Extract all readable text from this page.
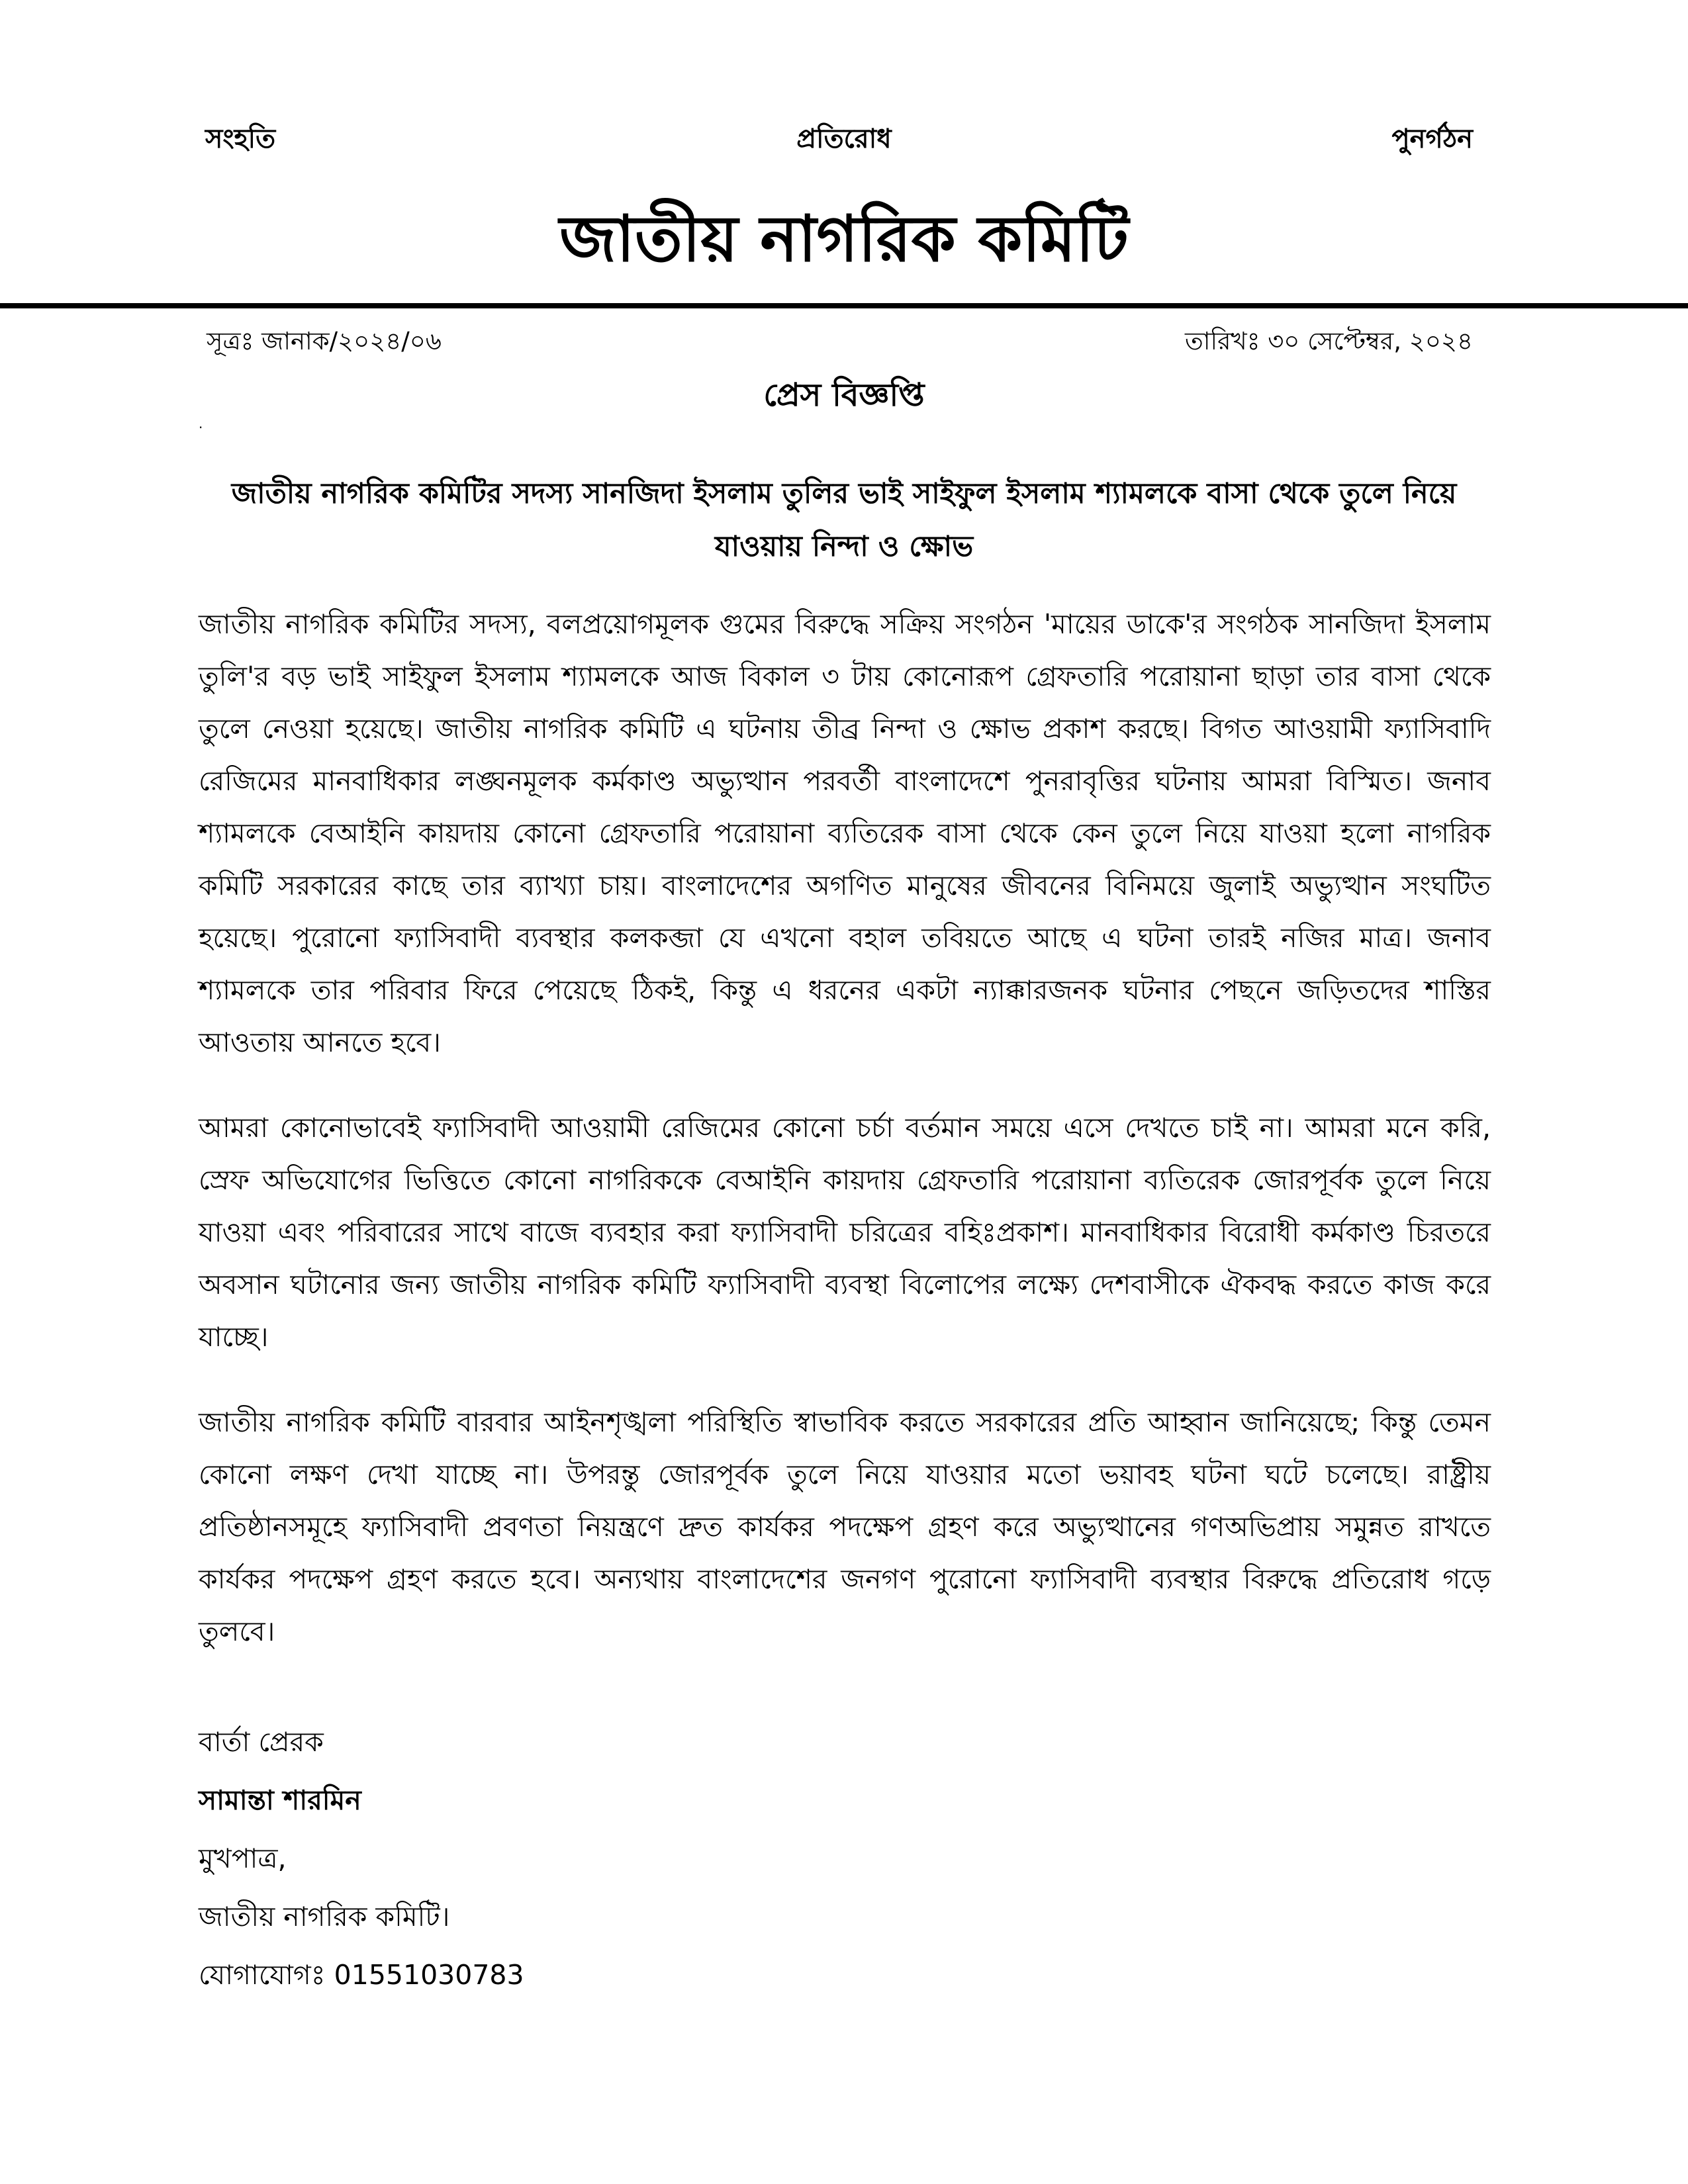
সংহতি	প্রতিরোধ	পুনর্গঠন
জাতীয় নাগরিক কমিটি
সূত্রঃ জানাক/২০২৪/০৬	তারিখঃ ৩০ সেপ্টেম্বর, ২০২৪
প্রেস বিজ্ঞপ্তি
.
জাতীয় নাগরিক কমিটির সদস্য সানজিদা ইসলাম তুলির ভাই সাইফুল ইসলাম শ্যামলকে বাসা থেকে তুলে নিয়ে যাওয়ায় নিন্দা ও ক্ষোভ

জাতীয় নাগরিক কমিটির সদস্য, বলপ্রয়োগমূলক গুমের বিরুদ্ধে সক্রিয় সংগঠন 'মায়ের ডাকে'র সংগঠক সানজিদা ইসলাম তুলি'র বড় ভাই সাইফুল ইসলাম শ্যামলকে আজ বিকাল ৩ টায় কোনোরূপ গ্রেফতারি পরোয়ানা ছাড়া তার বাসা থেকে তুলে নেওয়া হয়েছে। জাতীয় নাগরিক কমিটি এ ঘটনায় তীব্র নিন্দা ও ক্ষোভ প্রকাশ করছে। বিগত আওয়ামী ফ্যাসিবাদি রেজিমের মানবাধিকার লঙ্ঘনমূলক কর্মকাণ্ড অভ্যুত্থান পরবর্তী বাংলাদেশে পুনরাবৃত্তির ঘটনায় আমরা বিস্মিত। জনাব শ্যামলকে বেআইনি কায়দায় কোনো গ্রেফতারি পরোয়ানা ব্যতিরেক বাসা থেকে কেন তুলে নিয়ে যাওয়া হলো নাগরিক কমিটি সরকারের কাছে তার ব্যাখ্যা চায়। বাংলাদেশের অগণিত মানুষের জীবনের বিনিময়ে জুলাই অভ্যুত্থান সংঘটিত হয়েছে। পুরোনো ফ্যাসিবাদী ব্যবস্থার কলকব্জা যে এখনো বহাল তবিয়তে আছে এ ঘটনা তারই নজির মাত্র। জনাব শ্যামলকে তার পরিবার ফিরে পেয়েছে ঠিকই, কিন্তু এ ধরনের একটা ন্যাক্কারজনক ঘটনার পেছনে জড়িতদের শাস্তির আওতায় আনতে হবে।

আমরা কোনোভাবেই ফ্যাসিবাদী আওয়ামী রেজিমের কোনো চর্চা বর্তমান সময়ে এসে দেখতে চাই না। আমরা মনে করি, স্রেফ অভিযোগের ভিত্তিতে কোনো নাগরিককে বেআইনি কায়দায় গ্রেফতারি পরোয়ানা ব্যতিরেক জোরপূর্বক তুলে নিয়ে যাওয়া এবং পরিবারের সাথে বাজে ব্যবহার করা ফ্যাসিবাদী চরিত্রের বহিঃপ্রকাশ। মানবাধিকার বিরোধী কর্মকাণ্ড চিরতরে অবসান ঘটানোর জন্য জাতীয় নাগরিক কমিটি ফ্যাসিবাদী ব্যবস্থা বিলোপের লক্ষ্যে দেশবাসীকে ঐকবদ্ধ করতে কাজ করে যাচ্ছে।

জাতীয় নাগরিক কমিটি বারবার আইনশৃঙ্খলা পরিস্থিতি স্বাভাবিক করতে সরকারের প্রতি আহ্বান জানিয়েছে; কিন্তু তেমন কোনো লক্ষণ দেখা যাচ্ছে না। উপরন্তু জোরপূর্বক তুলে নিয়ে যাওয়ার মতো ভয়াবহ ঘটনা ঘটে চলেছে। রাষ্ট্রীয় প্রতিষ্ঠানসমূহে ফ্যাসিবাদী প্রবণতা নিয়ন্ত্রণে দ্রুত কার্যকর পদক্ষেপ গ্রহণ করে অভ্যুত্থানের গণঅভিপ্রায় সমুন্নত রাখতে কার্যকর পদক্ষেপ গ্রহণ করতে হবে। অন্যথায় বাংলাদেশের জনগণ পুরোনো ফ্যাসিবাদী ব্যবস্থার বিরুদ্ধে প্রতিরোধ গড়ে তুলবে।

বার্তা প্রেরক
সামান্তা শারমিন
মুখপাত্র,
জাতীয় নাগরিক কমিটি।
যোগাযোগঃ 01551030783
